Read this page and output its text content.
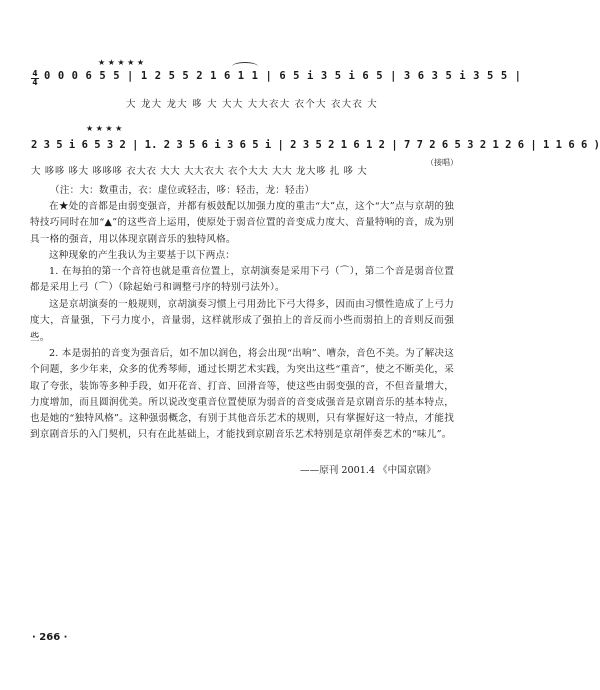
4
4
★ ★ ★ ★ ★
0 0 0 6 5 5 | 1 2 5 5 2 1 6 1 1 | 6 5 i 3 5 i 6 5 | 3 6 3 5 i 3 5 5 |
大 龙大 龙大 哆 大 大大 大大衣大 衣个大 衣大衣 大
★ ★ ★ ★
2 3 5 i 6 5 3 2 | 1. 2 3 5 6 i 3 6 5 i | 2 3 5 2 1 6 1 2 | 7 7 2 6 5 3 2 1 2 6 | 1 1 6 6 )
（接唱）
大 哆哆 哆大 哆哆哆 衣大衣 大大 大大衣大 衣个大大 大大 龙大哆 扎 哆 大
（注：大：数重击，衣：虚位或轻击，哆：轻击，龙：轻击）
在★处的音都是由弱变强音，并都有板鼓配以加强力度的重击“大”点，这个“大”点与京胡的独特技巧同时在加“▲”的这些音上运用，使原处于弱音位置的音变成力度大、音量特响的音，成为别具一格的强音，用以体现京剧音乐的独特风格。
这种现象的产生我认为主要基于以下两点：
1. 在每拍的第一个音符也就是重音位置上，京胡演奏是采用下弓（⌒），第二个音是弱音位置都是采用上弓（⌒）（除起始弓和调整弓序的特别弓法外）。
这是京胡演奏的一般规则，京胡演奏习惯上弓用劲比下弓大得多，因而由习惯性造成了上弓力度大，音量强，下弓力度小，音量弱，这样就形成了强拍上的音反而小些而弱拍上的音则反而强些。
2. 本是弱拍的音变为强音后，如不加以润色，将会出现“出响”、嘈杂，音色不美。为了解决这个问题，多少年来，众多的优秀琴师，通过长期艺术实践，为突出这些“重音”，使之不断美化，采取了夸张，装饰等多种手段，如开花音、打音、回滑音等，使这些由弱变强的音，不但音量增大，力度增加，而且圆润优美。所以说改变重音位置使原为弱音的音变成强音是京剧音乐的基本特点，也是她的“独特风格”。这种强弱概念，有别于其他音乐艺术的规则，只有掌握好这一特点，才能找到京剧音乐的入门契机，只有在此基础上，才能找到京剧音乐艺术特别是京胡伴奏艺术的“味儿”。
——原刊 2001.4 《中国京剧》
· 266 ·
